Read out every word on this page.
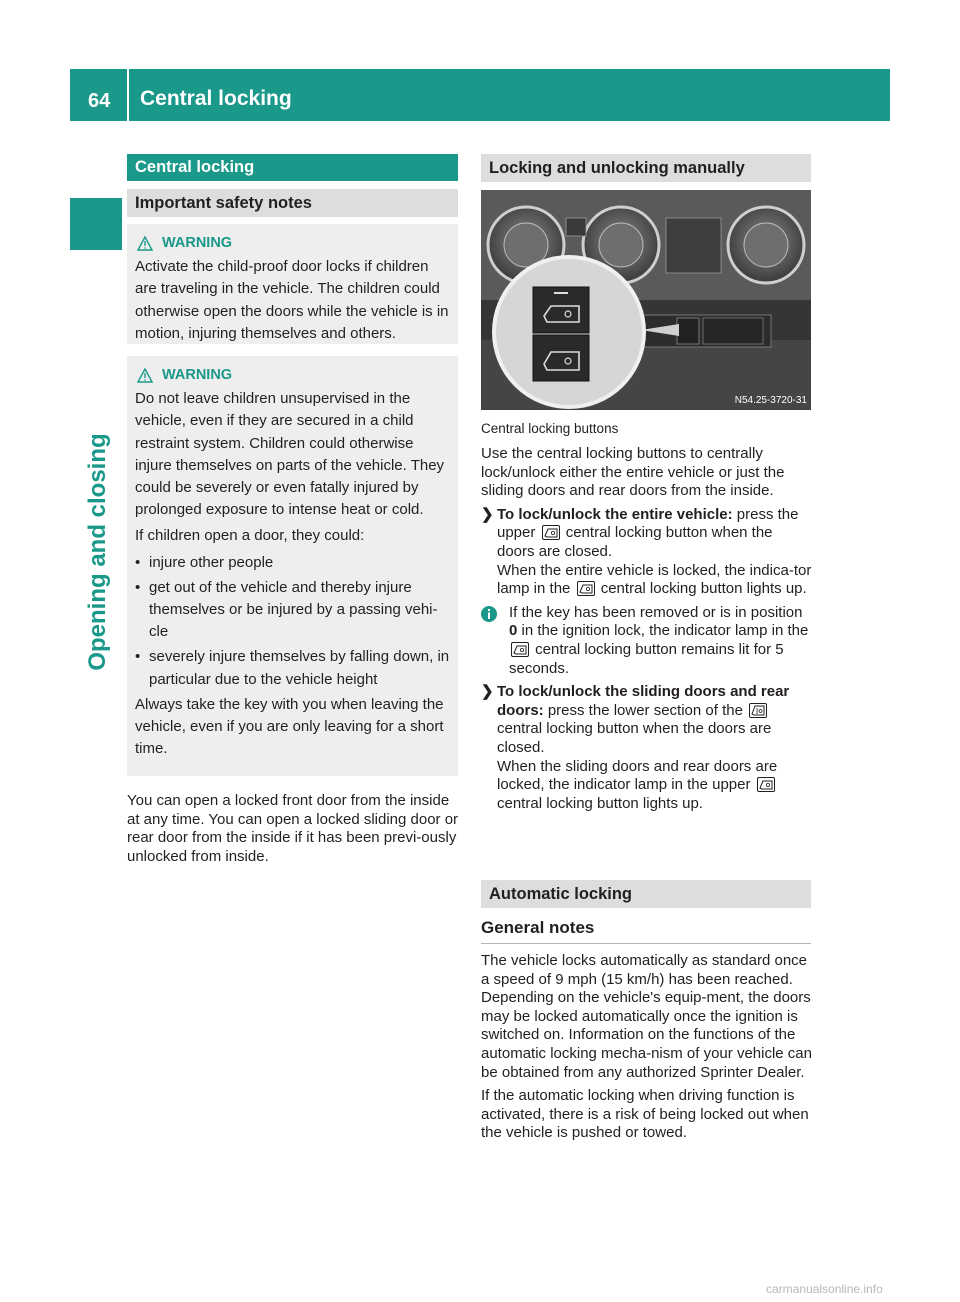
64 Central locking
Opening and closing
Central locking
Important safety notes

WARNING

Activate the child-proof door locks if children are traveling in the vehicle. The children could otherwise open the doors while the vehicle is in motion, injuring themselves and others.

WARNING

Do not leave children unsupervised in the vehicle, even if they are secured in a child restraint system. Children could otherwise injure themselves on parts of the vehicle. They could be severely or even fatally injured by prolonged exposure to intense heat or cold.

If children open a door, they could:

• injure other people

• get out of the vehicle and thereby injure themselves or be injured by a passing vehi-cle

• severely injure themselves by falling down, in particular due to the vehicle height

Always take the key with you when leaving the vehicle, even if you are only leaving for a short time.

You can open a locked front door from the inside at any time. You can open a locked sliding door or rear door from the inside if it has been previ-ously unlocked from inside.

Locking and unlocking manually
N54.25-3720-31
Central locking buttons

Use the central locking buttons to centrally lock/unlock either the entire vehicle or just the sliding doors and rear doors from the inside.

❯ To lock/unlock the entire vehicle: press the upper central locking button when the doors are closed.
When the entire vehicle is locked, the indica-tor lamp in the central locking button lights up.

If the key has been removed or is in position 0 in the ignition lock, the indicator lamp in the
central locking button remains lit for 5 seconds.

❯ To lock/unlock the sliding doors and rear doors: press the lower section of the
central locking button when the doors are closed.
When the sliding doors and rear doors are locked, the indicator lamp in the upper
central locking button lights up.

Automatic locking
General notes

The vehicle locks automatically as standard once a speed of 9 mph (15 km/h) has been reached. Depending on the vehicle's equip-ment, the doors may be locked automatically once the ignition is switched on. Information on the functions of the automatic locking mecha-nism of your vehicle can be obtained from any authorized Sprinter Dealer.

If the automatic locking when driving function is activated, there is a risk of being locked out when the vehicle is pushed or towed.

carmanualsonline.info
